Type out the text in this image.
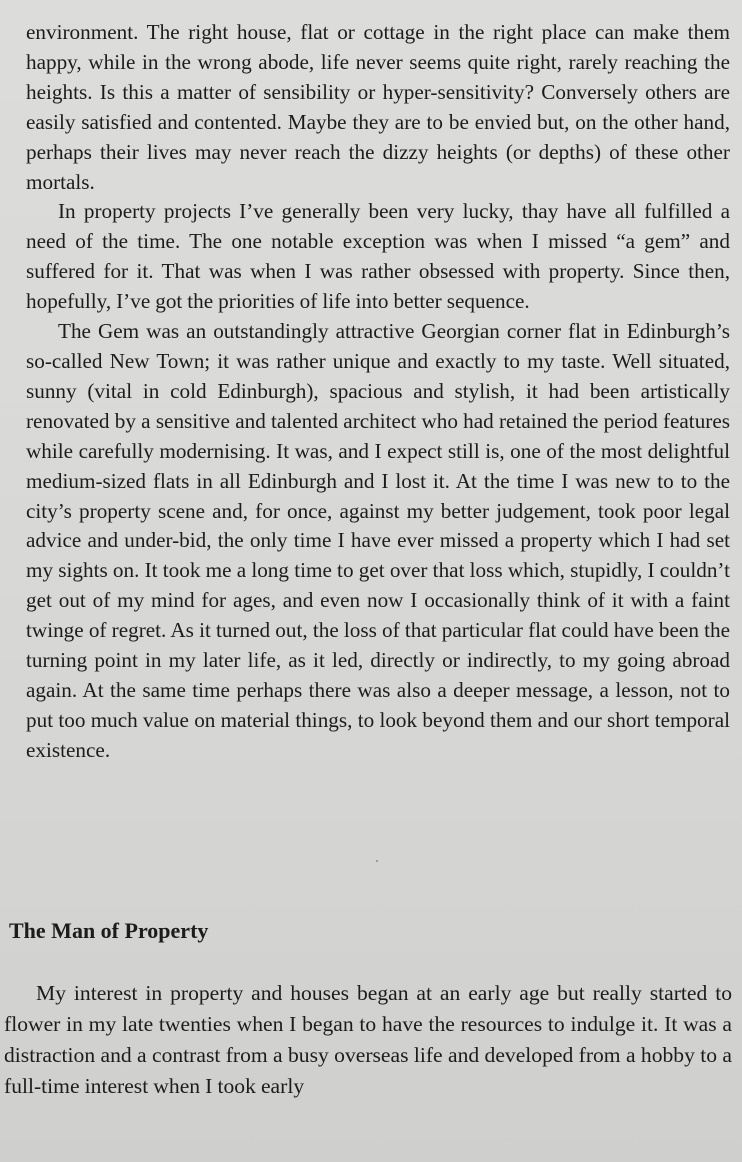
environment. The right house, flat or cottage in the right place can make them happy, while in the wrong abode, life never seems quite right, rarely reaching the heights. Is this a matter of sensibility or hyper-sensitivity? Conversely others are easily satisfied and contented. Maybe they are to be envied but, on the other hand, perhaps their lives may never reach the dizzy heights (or depths) of these other mortals.

In property projects I’ve generally been very lucky, thay have all fulfilled a need of the time. The one notable exception was when I missed “a gem” and suffered for it. That was when I was rather obsessed with property. Since then, hopefully, I’ve got the priorities of life into better sequence.

The Gem was an outstandingly attractive Georgian corner flat in Edinburgh’s so-called New Town; it was rather unique and exactly to my taste. Well situated, sunny (vital in cold Edinburgh), spacious and stylish, it had been artistically renovated by a sensitive and talented architect who had retained the period features while carefully modernising. It was, and I expect still is, one of the most delightful medium-sized flats in all Edinburgh and I lost it. At the time I was new to to the city’s property scene and, for once, against my better judgement, took poor legal advice and under-bid, the only time I have ever missed a property which I had set my sights on. It took me a long time to get over that loss which, stupidly, I couldn’t get out of my mind for ages, and even now I occasionally think of it with a faint twinge of regret. As it turned out, the loss of that particular flat could have been the turning point in my later life, as it led, directly or indirectly, to my going abroad again. At the same time perhaps there was also a deeper message, a lesson, not to put too much value on material things, to look beyond them and our short temporal existence.

The Man of Property

My interest in property and houses began at an early age but really started to flower in my late twenties when I began to have the resources to indulge it. It was a distraction and a contrast from a busy overseas life and developed from a hobby to a full-time interest when I took early
